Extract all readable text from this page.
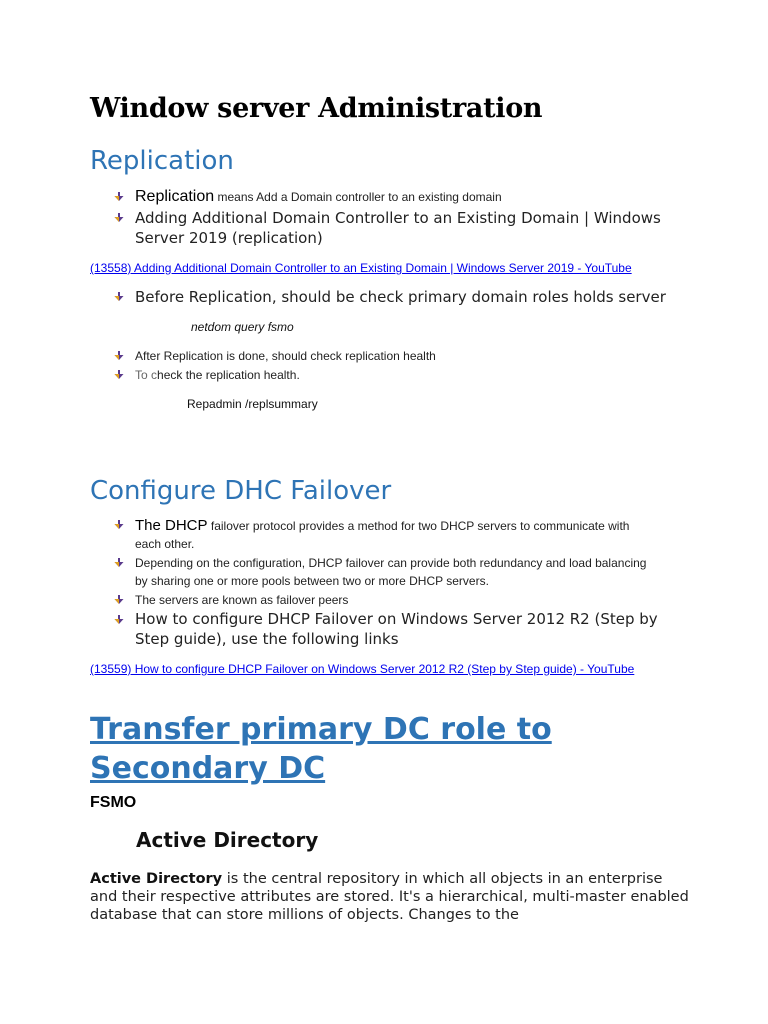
Window server Administration
Replication
Replication means Add a Domain controller to an existing domain
Adding Additional Domain Controller to an Existing Domain | Windows
Server 2019 (replication)
(13558) Adding Additional Domain Controller to an Existing Domain | Windows Server 2019 - YouTube
Before Replication, should be check primary domain roles holds server
netdom query fsmo
After Replication is done, should check replication health
To check the replication health.
Repadmin /replsummary
Configure DHC Failover
The DHCP failover protocol provides a method for two DHCP servers to communicate with
each other.
Depending on the configuration, DHCP failover can provide both redundancy and load balancing
by sharing one or more pools between two or more DHCP servers.
The servers are known as failover peers
How to configure DHCP Failover on Windows Server 2012 R2 (Step by
Step guide), use the following links
(13559) How to configure DHCP Failover on Windows Server 2012 R2 (Step by Step guide) - YouTube
Transfer primary DC role to
Secondary DC
FSMO
Active Directory
Active Directory is the central repository in which all objects in an enterprise and their respective attributes are stored. It's a hierarchical, multi-master enabled database that can store millions of objects. Changes to the
